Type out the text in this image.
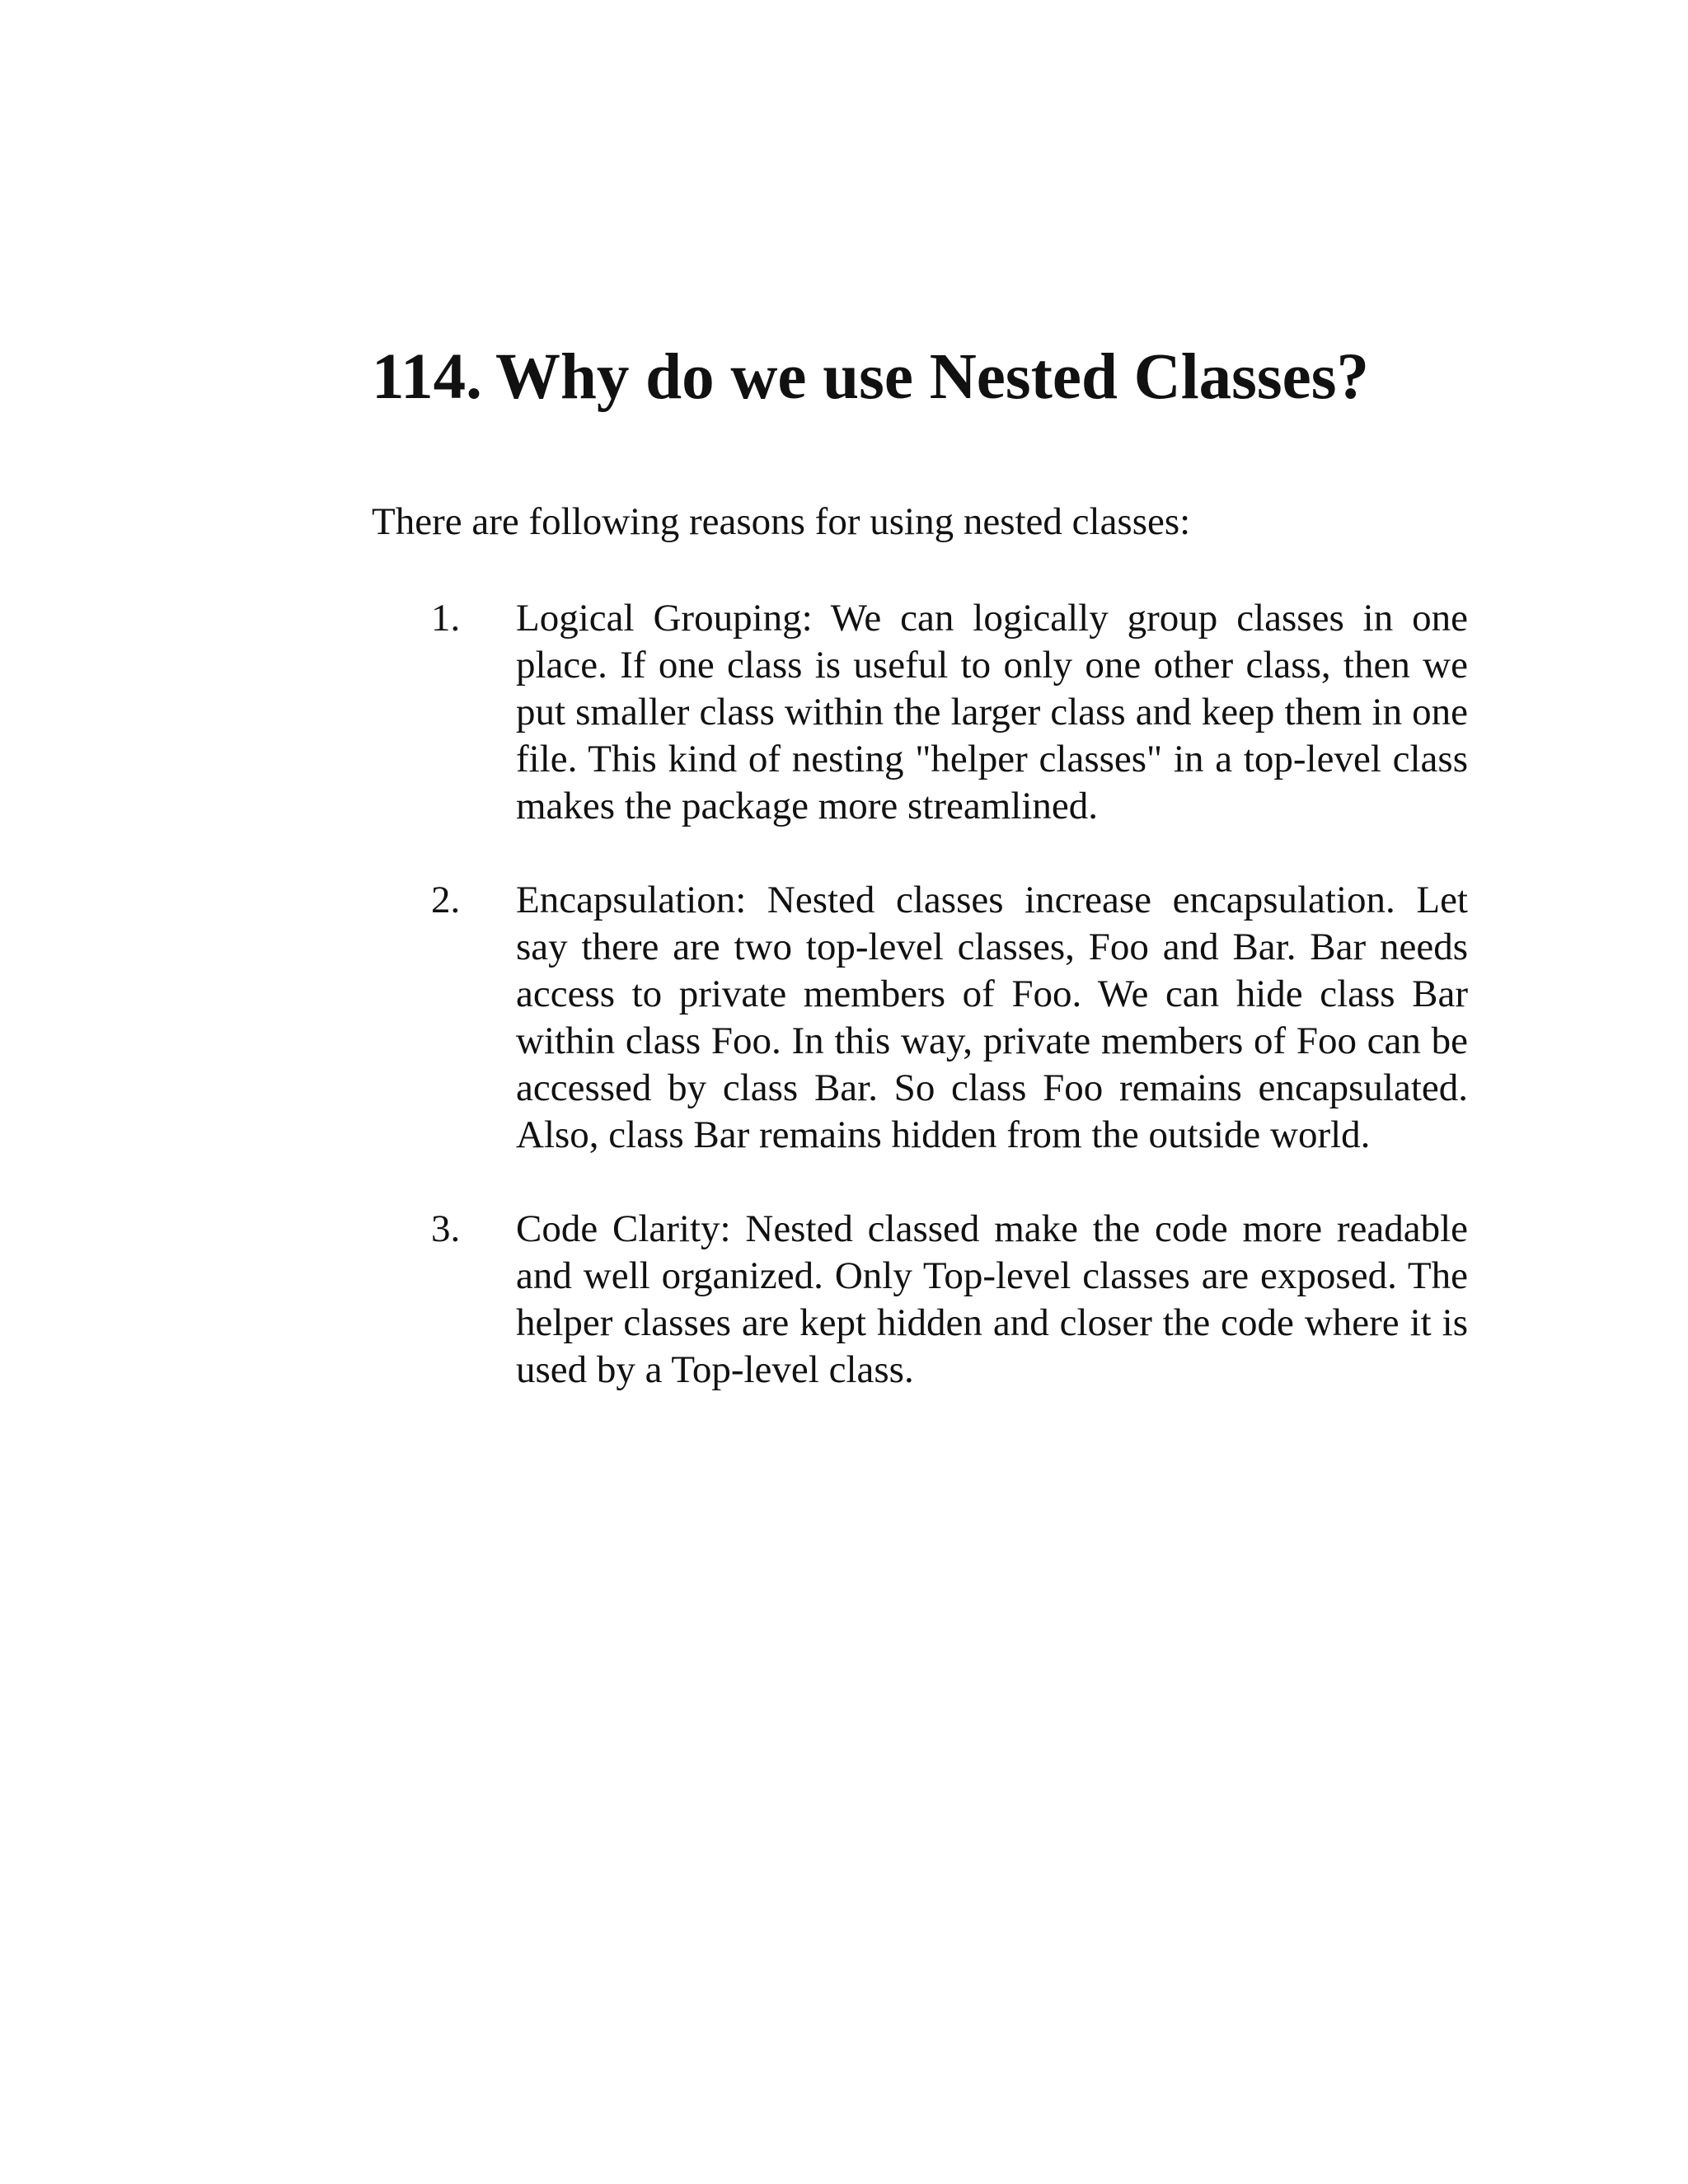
114. Why do we use Nested Classes?

There are following reasons for using nested classes:

1.	Logical Grouping: We can logically group classes in one place. If one class is useful to only one other class, then we put smaller class within the larger class and keep them in one file. This kind of nesting "helper classes" in a top-level class makes the package more streamlined.
2.	Encapsulation: Nested classes increase encapsulation. Let say there are two top-level classes, Foo and Bar. Bar needs access to private members of Foo. We can hide class Bar within class Foo. In this way, private members of Foo can be accessed by class Bar. So class Foo remains encapsulated. Also, class Bar remains hidden from the outside world.
3.	Code Clarity: Nested classed make the code more readable and well organized. Only Top-level classes are exposed. The helper classes are kept hidden and closer the code where it is used by a Top-level class.
